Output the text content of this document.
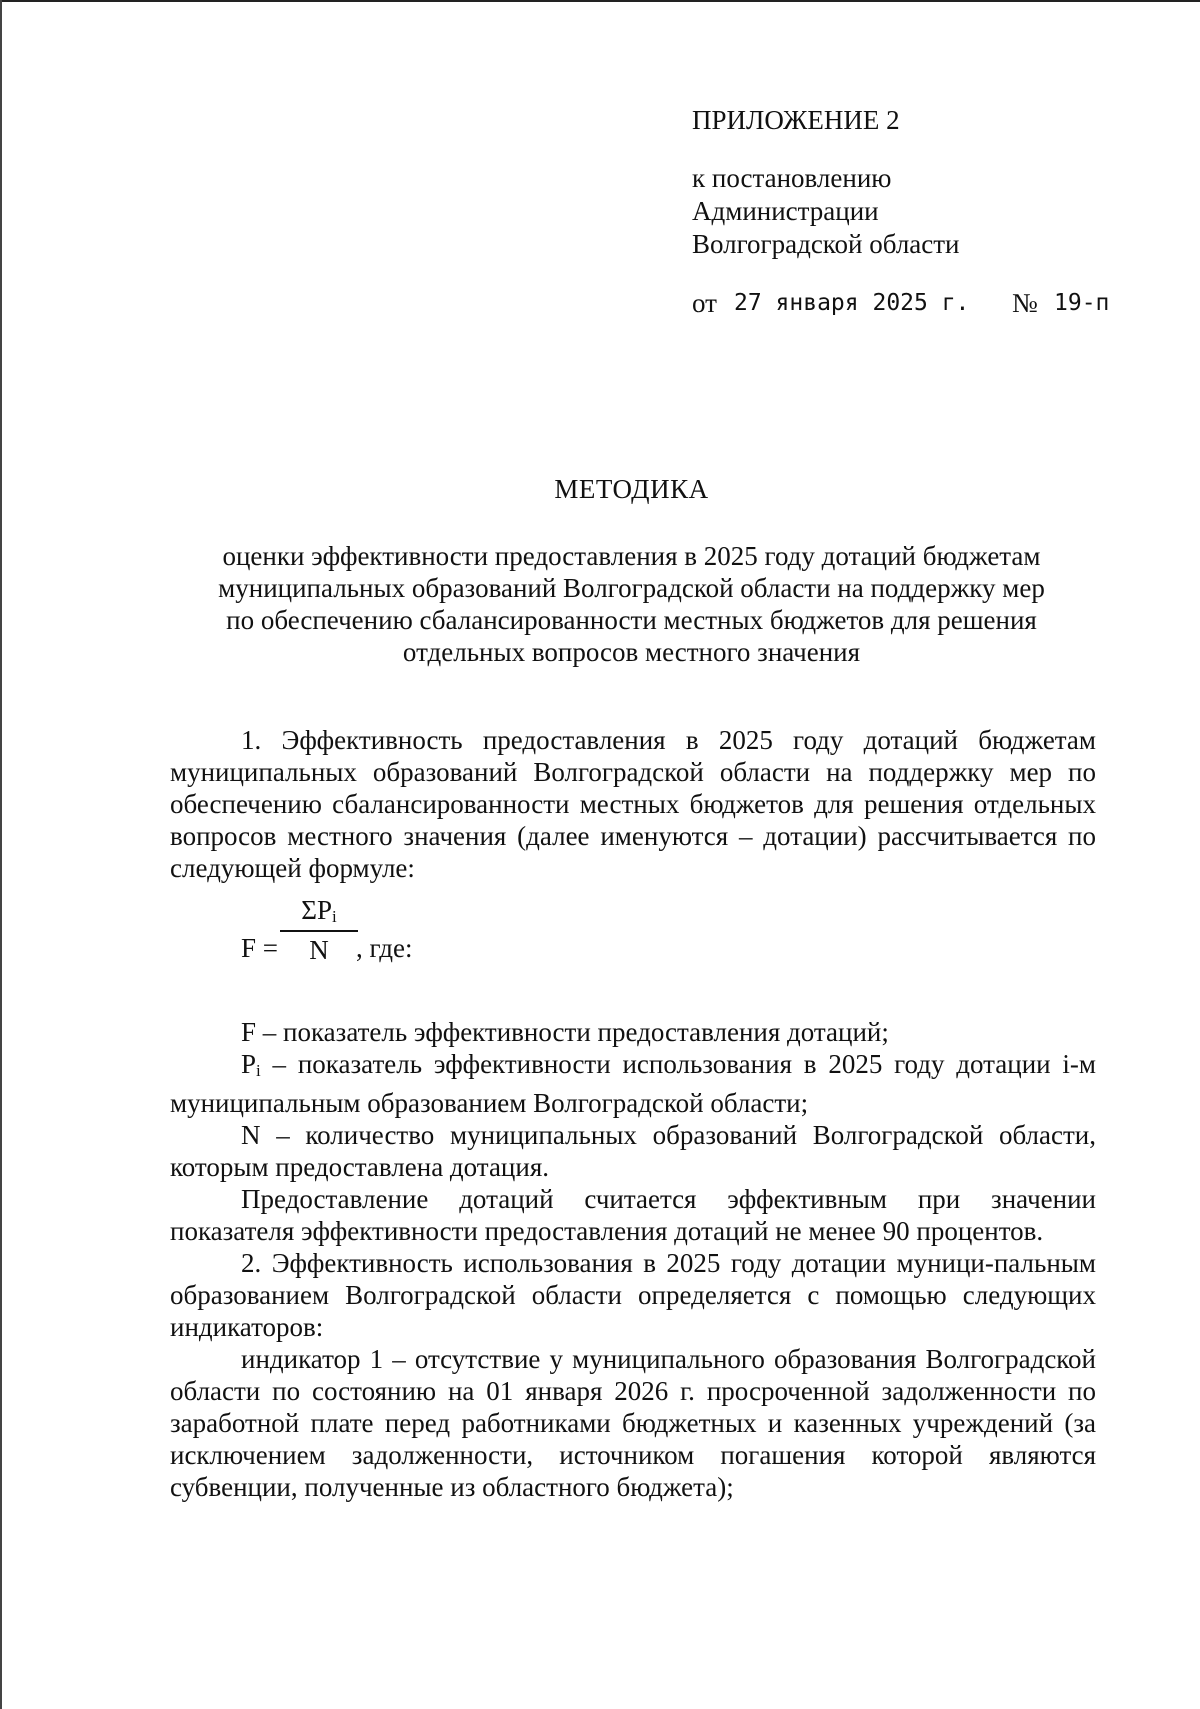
ПРИЛОЖЕНИЕ 2
к постановлению
Администрации
Волгоградской области
от 27 января 2025 г. № 19-п
МЕТОДИКА
оценки эффективности предоставления в 2025 году дотаций бюджетам
муниципальных образований Волгоградской области на поддержку мер
по обеспечению сбалансированности местных бюджетов для решения
отдельных вопросов местного значения

1. Эффективность предоставления в 2025 году дотаций бюджетам муниципальных образований Волгоградской области на поддержку мер по обеспечению сбалансированности местных бюджетов для решения отдельных вопросов местного значения (далее именуются – дотации) рассчитывается по следующей формуле:

F =
$\Sigma P_i$
N	, где:

F – показатель эффективности предоставления дотаций;

$P_i$ – показатель эффективности использования в 2025 году дотации i-м муниципальным образованием Волгоградской области;

N – количество муниципальных образований Волгоградской области, которым предоставлена дотация.

Предоставление дотаций считается эффективным при значении показателя эффективности предоставления дотаций не менее 90 процентов.

2. Эффективность использования в 2025 году дотации муници-пальным образованием Волгоградской области определяется с помощью следующих индикаторов:

индикатор 1 – отсутствие у муниципального образования Волгоградской области по состоянию на 01 января 2026 г. просроченной задолженности по заработной плате перед работниками бюджетных и казенных учреждений (за исключением задолженности, источником погашения которой являются субвенции, полученные из областного бюджета);
